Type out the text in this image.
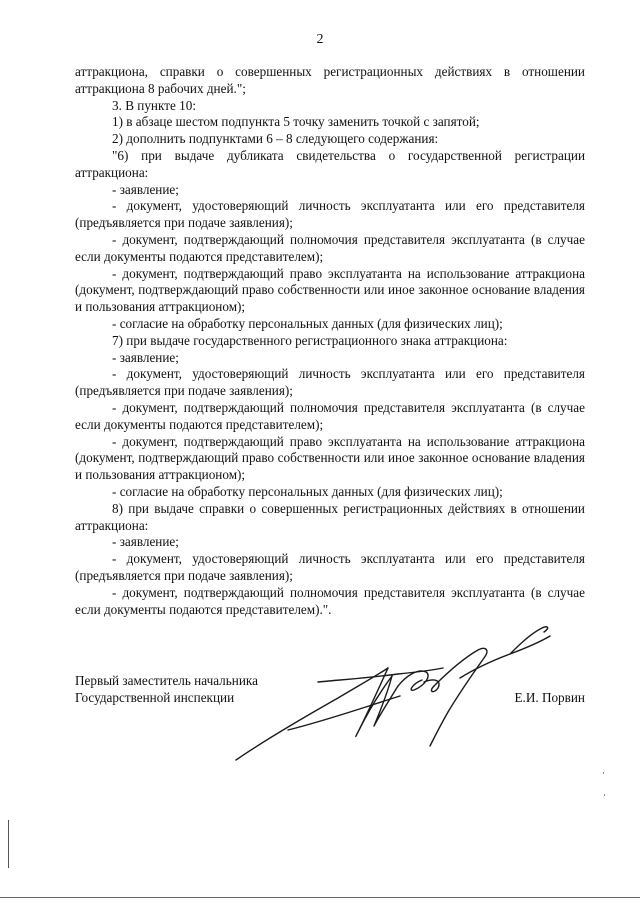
2

аттракциона, справки о совершенных регистрационных действиях в отношении аттракциона 8 рабочих дней.";

3. В пункте 10:

1) в абзаце шестом подпункта 5 точку заменить точкой с запятой;

2) дополнить подпунктами 6 – 8 следующего содержания:

"6) при выдаче дубликата свидетельства о государственной регистрации аттракциона:

- заявление;

- документ, удостоверяющий личность эксплуатанта или его представителя (предъявляется при подаче заявления);

- документ, подтверждающий полномочия представителя эксплуатанта (в случае если документы подаются представителем);

- документ, подтверждающий право эксплуатанта на использование аттракциона (документ, подтверждающий право собственности или иное законное основание владения и пользования аттракционом);

- согласие на обработку персональных данных (для физических лиц);

7) при выдаче государственного регистрационного знака аттракциона:

- заявление;

- документ, удостоверяющий личность эксплуатанта или его представителя (предъявляется при подаче заявления);

- документ, подтверждающий полномочия представителя эксплуатанта (в случае если документы подаются представителем);

- документ, подтверждающий право эксплуатанта на использование аттракциона (документ, подтверждающий право собственности или иное законное основание владения и пользования аттракционом);

- согласие на обработку персональных данных (для физических лиц);

8) при выдаче справки о совершенных регистрационных действиях в отношении аттракциона:

- заявление;

- документ, удостоверяющий личность эксплуатанта или его представителя (предъявляется при подаче заявления);

- документ, подтверждающий полномочия представителя эксплуатанта (в случае если документы подаются представителем).".

Первый заместитель начальника
Государственной инспекции	Е.И. Порвин
